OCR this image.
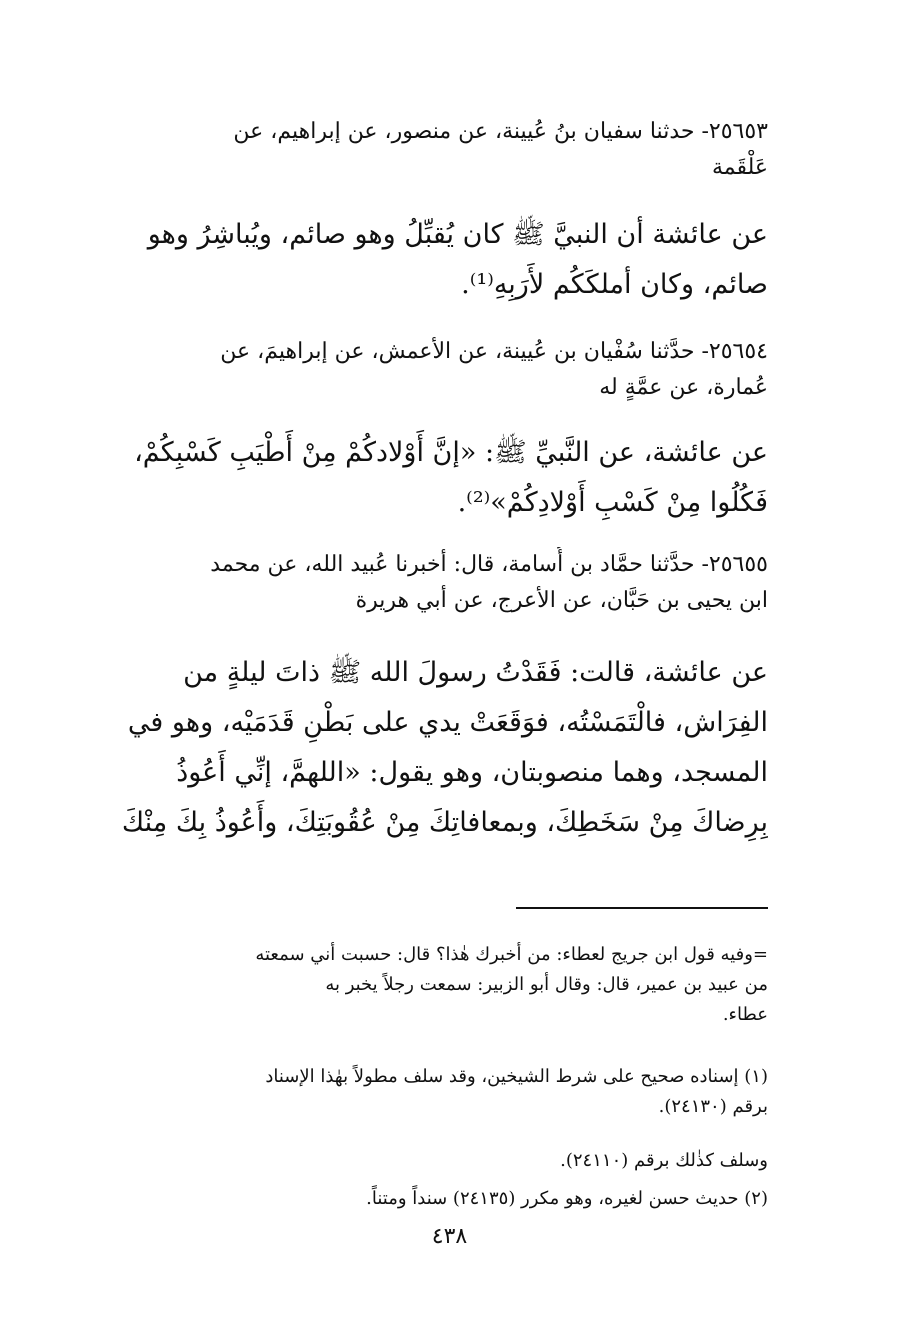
٢٥٦٥٣- حدثنا سفيان بنُ عُيينة، عن منصور، عن إبراهيم، عن
عَلْقَمة
عن عائشة أن النبيَّ ﷺ كان يُقبِّلُ وهو صائم، ويُباشِرُ وهو
صائم، وكان أملكَكُم لأَرَبِهِ⁽¹⁾.
٢٥٦٥٤- حدَّثنا سُفْيان بن عُيينة، عن الأعمش، عن إبراهيمَ، عن
عُمارة، عن عمَّةٍ له
عن عائشة، عن النَّبيِّ ﷺ: «إنَّ أَوْلادكُمْ مِنْ أَطْيَبِ كَسْبِكُمْ،
فَكُلُوا مِنْ كَسْبِ أَوْلادِكُمْ»⁽²⁾.
٢٥٦٥٥- حدَّثنا حمَّاد بن أُسامة، قال: أخبرنا عُبيد الله، عن محمد
ابن يحيى بن حَبَّان، عن الأعرج، عن أبي هريرة
عن عائشة، قالت: فَقَدْتُ رسولَ الله ﷺ ذاتَ ليلةٍ من
الفِرَاش، فالْتَمَسْتُه، فوَقَعَتْ يدي على بَطْنِ قَدَمَيْه، وهو في
المسجد، وهما منصوبتان، وهو يقول: «اللهمَّ، إنِّي أَعُوذُ
بِرِضاكَ مِنْ سَخَطِكَ، وبمعافاتِكَ مِنْ عُقُوبَتِكَ، وأَعُوذُ بِكَ مِنْكَ
=وفيه قول ابن جريج لعطاء: من أخبرك هٰذا؟ قال: حسبت أني سمعته
من عبيد بن عمير، قال: وقال أبو الزبير: سمعت رجلاً يخبر به
عطاء.
(١) إسناده صحيح على شرط الشيخين، وقد سلف مطولاً بهٰذا الإسناد
برقم (٢٤١٣٠).
وسلف كذٰلك برقم (٢٤١١٠).
(٢) حديث حسن لغيره، وهو مكرر (٢٤١٣٥) سنداً ومتناً.
٤٣٨
